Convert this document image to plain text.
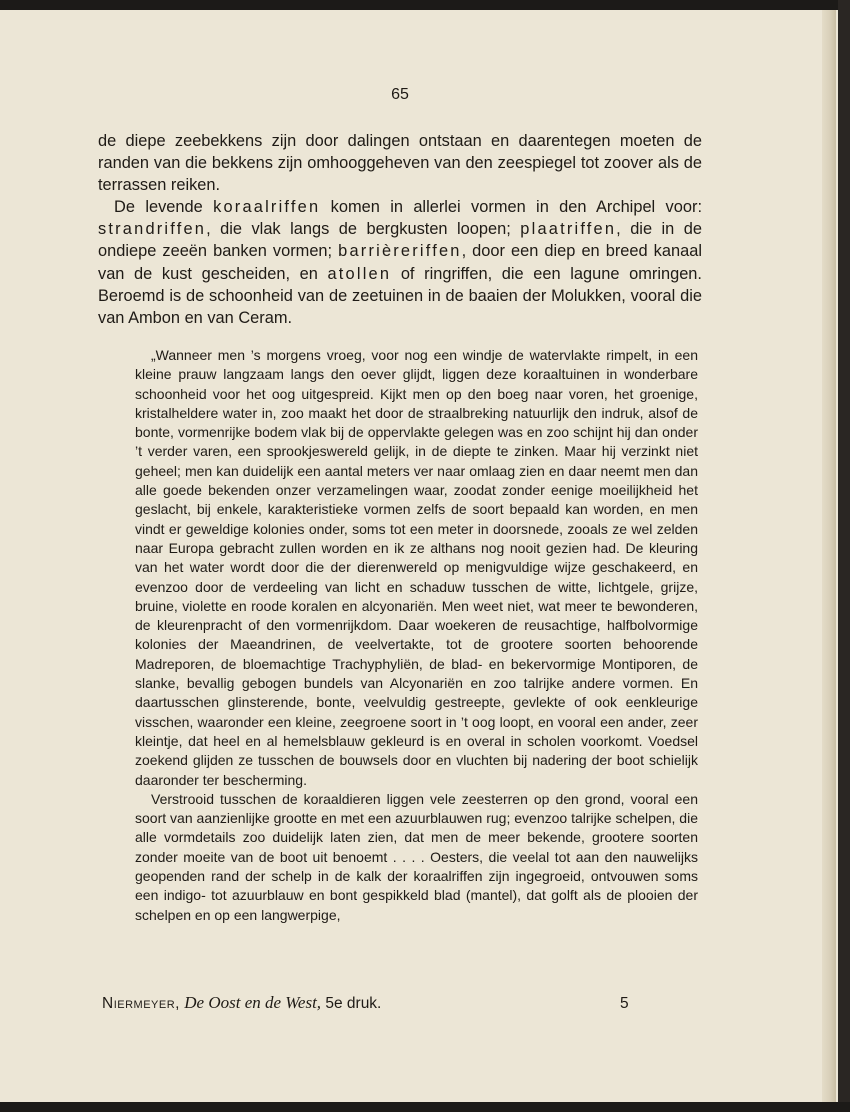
65

de diepe zeebekkens zijn door dalingen ontstaan en daarentegen moeten de randen van die bekkens zijn omhooggeheven van den zeespiegel tot zoover als de terrassen reiken.

De levende koraalriffen komen in allerlei vormen in den Archipel voor: strandriffen, die vlak langs de bergkusten loopen; plaatriffen, die in de ondiepe zeeën banken vormen; barrièreriffen, door een diep en breed kanaal van de kust gescheiden, en atollen of ringriffen, die een lagune omringen. Beroemd is de schoonheid van de zeetuinen in de baaien der Molukken, vooral die van Ambon en van Ceram.

„Wanneer men ’s morgens vroeg, voor nog een windje de watervlakte rimpelt, in een kleine prauw langzaam langs den oever glijdt, liggen deze koraaltuinen in wonderbare schoonheid voor het oog uitgespreid. Kijkt men op den boeg naar voren, het groenige, kristalheldere water in, zoo maakt het door de straalbreking natuurlijk den indruk, alsof de bonte, vormenrijke bodem vlak bij de oppervlakte gelegen was en zoo schijnt hij dan onder ’t verder varen, een sprookjeswereld gelijk, in de diepte te zinken. Maar hij verzinkt niet geheel; men kan duidelijk een aantal meters ver naar omlaag zien en daar neemt men dan alle goede bekenden onzer verzamelingen waar, zoodat zonder eenige moeilijkheid het geslacht, bij enkele, karakteristieke vormen zelfs de soort bepaald kan worden, en men vindt er geweldige kolonies onder, soms tot een meter in doorsnede, zooals ze wel zelden naar Europa gebracht zullen worden en ik ze althans nog nooit gezien had. De kleuring van het water wordt door die der dierenwereld op menigvuldige wijze geschakeerd, en evenzoo door de verdeeling van licht en schaduw tusschen de witte, lichtgele, grijze, bruine, violette en roode koralen en alcyonariën. Men weet niet, wat meer te bewonderen, de kleurenpracht of den vormenrijkdom. Daar woekeren de reusachtige, halfbolvormige kolonies der Maeandrinen, de veelvertakte, tot de grootere soorten behoorende Madreporen, de bloemachtige Trachyphyliën, de blad- en bekervormige Montiporen, de slanke, bevallig gebogen bundels van Alcyonariën en zoo talrijke andere vormen. En daartusschen glinsterende, bonte, veelvuldig gestreepte, gevlekte of ook eenkleurige visschen, waaronder een kleine, zeegroene soort in ’t oog loopt, en vooral een ander, zeer kleintje, dat heel en al hemelsblauw gekleurd is en overal in scholen voorkomt. Voedsel zoekend glijden ze tusschen de bouwsels door en vluchten bij nadering der boot schielijk daaronder ter bescherming.

Verstrooid tusschen de koraaldieren liggen vele zeesterren op den grond, vooral een soort van aanzienlijke grootte en met een azuurblauwen rug; evenzoo talrijke schelpen, die alle vormdetails zoo duidelijk laten zien, dat men de meer bekende, grootere soorten zonder moeite van de boot uit benoemt . . . . Oesters, die veelal tot aan den nauwelijks geopenden rand der schelp in de kalk der koraalriffen zijn ingegroeid, ontvouwen soms een indigo- tot azuurblauw en bont gespikkeld blad (mantel), dat golft als de plooien der schelpen en op een langwerpige,

Niermeyer, De Oost en de West, 5e druk.	5
